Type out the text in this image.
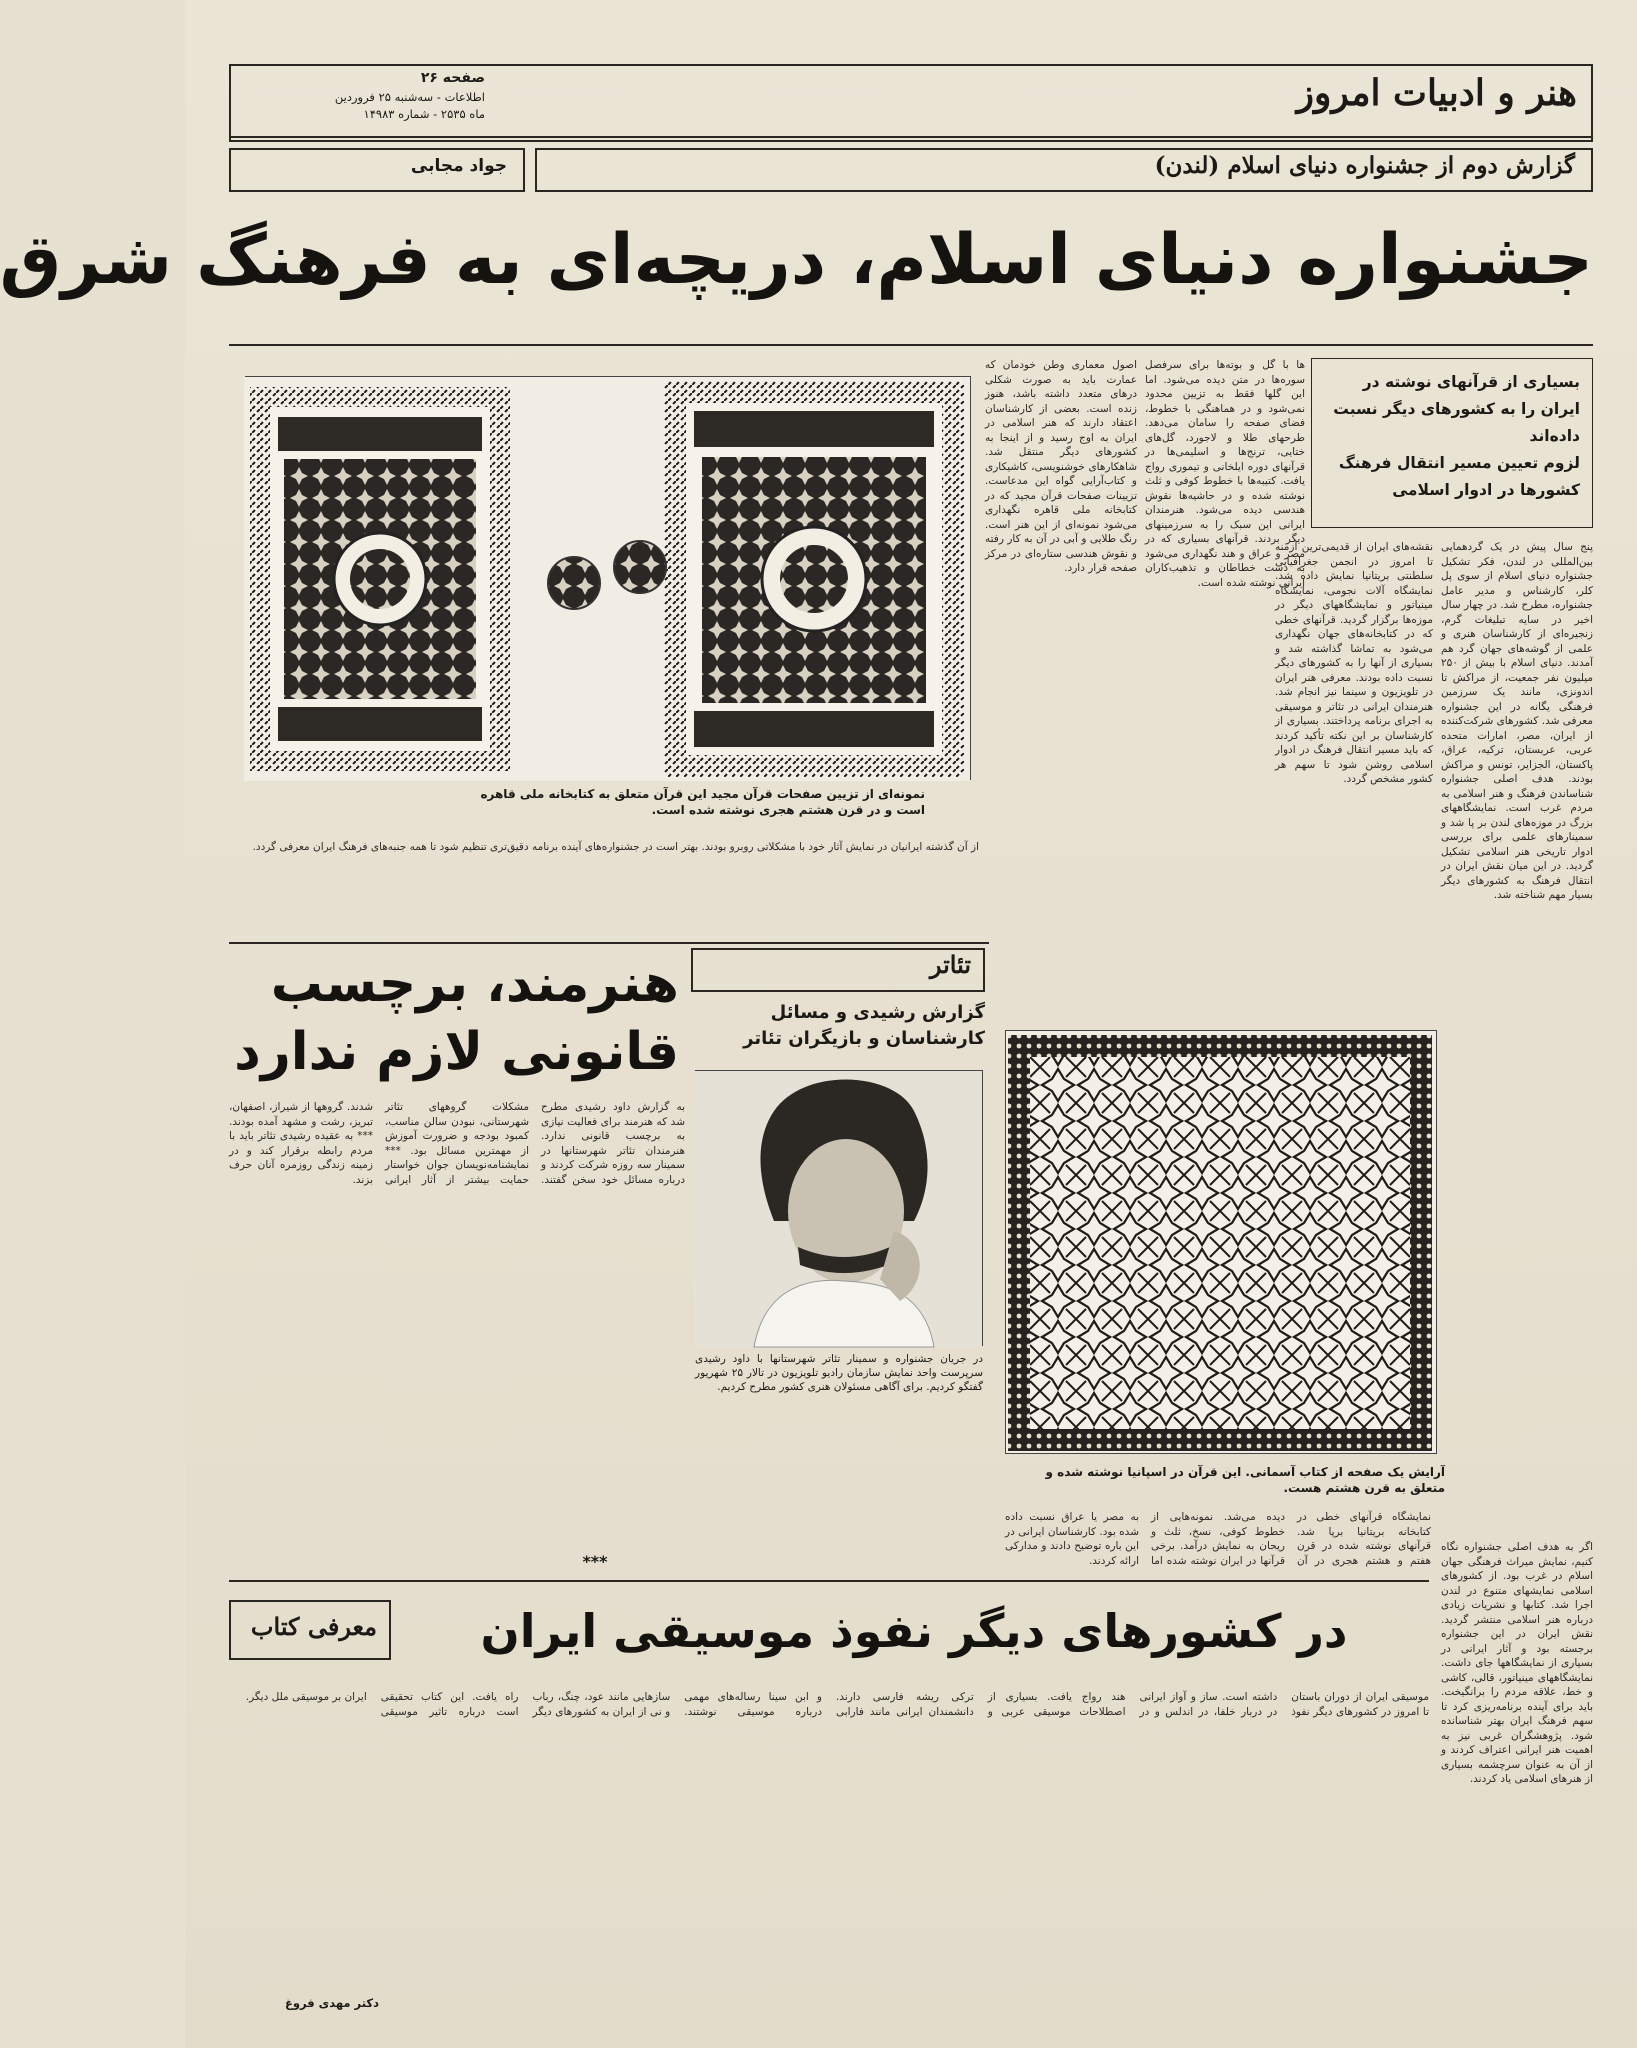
هنر و ادبیات امروز
صفحه ۲۶
اطلاعات - سه‌شنبه ۲۵ فروردین
ماه ۲۵۳۵ - شماره ۱۴۹۸۳
گزارش دوم از جشنواره دنیای اسلام (لندن)
جواد مجابی
جشنواره دنیای اسلام، دریچه‌ای به فرهنگ شرق
بسیاری از قرآنهای نوشته در
ایران را به کشورهای دیگر نسبت
داده‌اند
لزوم تعیین مسیر انتقال فرهنگ
کشورها در ادوار اسلامی
نمونه‌ای از تزیین صفحات قرآن مجید این قرآن متعلق به کتابخانه ملی قاهره است و در قرن هشتم هجری نوشته شده است.
پنج سال پیش در یک گردهمایی بین‌المللی در لندن، فکر تشکیل جشنواره دنیای اسلام از سوی پل کلر، کارشناس و مدیر عامل جشنواره، مطرح شد. در چهار سال اخیر در سایه تبلیغات گرم، زنجیره‌ای از کارشناسان هنری و علمی از گوشه‌های جهان گرد هم آمدند. دنیای اسلام با بیش از ۲۵۰ میلیون نفر جمعیت، از مراکش تا اندونزی، مانند یک سرزمین فرهنگی یگانه در این جشنواره معرفی شد. کشورهای شرکت‌کننده از ایران، مصر، امارات متحده عربی، عربستان، ترکیه، عراق، پاکستان، الجزایر، تونس و مراکش بودند. هدف اصلی جشنواره شناساندن فرهنگ و هنر اسلامی به مردم غرب است. نمایشگاههای بزرگ در موزه‌های لندن بر پا شد و سمینارهای علمی برای بررسی ادوار تاریخی هنر اسلامی تشکیل گردید. در این میان نقش ایران در انتقال فرهنگ به کشورهای دیگر بسیار مهم شناخته شد.
نقشه‌های ایران از قدیمی‌ترین ازمنه تا امروز در انجمن جغرافیایی سلطنتی بریتانیا نمایش داده شد. نمایشگاه آلات نجومی، نمایشگاه مینیاتور و نمایشگاههای دیگر در موزه‌ها برگزار گردید. قرآنهای خطی که در کتابخانه‌های جهان نگهداری می‌شود به تماشا گذاشته شد و بسیاری از آنها را به کشورهای دیگر نسبت داده بودند. معرفی هنر ایران در تلویزیون و سینما نیز انجام شد. هنرمندان ایرانی در تئاتر و موسیقی به اجرای برنامه پرداختند. بسیاری از کارشناسان بر این نکته تأکید کردند که باید مسیر انتقال فرهنگ در ادوار اسلامی روشن شود تا سهم هر کشور مشخص گردد.
ها با گل و بوته‌ها برای سرفصل سوره‌ها در متن دیده می‌شود. اما این گلها فقط به تزیین محدود نمی‌شود و در هماهنگی با خطوط، فضای صفحه را سامان می‌دهد. طرحهای طلا و لاجورد، گل‌های ختایی، ترنج‌ها و اسلیمی‌ها در قرآنهای دوره ایلخانی و تیموری رواج یافت. کتیبه‌ها با خطوط کوفی و ثلث نوشته شده و در حاشیه‌ها نقوش هندسی دیده می‌شود. هنرمندان ایرانی این سبک را به سرزمینهای دیگر بردند. قرآنهای بسیاری که در مصر و عراق و هند نگهداری می‌شود به دست خطاطان و تذهیب‌کاران ایرانی نوشته شده است.
اصول معماری وطن خودمان که عمارت باید به صورت شکلی درهای متعدد داشته باشد، هنوز زنده است. بعضی از کارشناسان اعتقاد دارند که هنر اسلامی در ایران به اوج رسید و از اینجا به کشورهای دیگر منتقل شد. شاهکارهای خوشنویسی، کاشیکاری و کتاب‌آرایی گواه این مدعاست. تزیینات صفحات قرآن مجید که در کتابخانه ملی قاهره نگهداری می‌شود نمونه‌ای از این هنر است. رنگ طلایی و آبی در آن به کار رفته و نقوش هندسی ستاره‌ای در مرکز صفحه قرار دارد.
از آن گذشته ایرانیان در نمایش آثار خود با مشکلاتی روبرو بودند. بهتر است در جشنواره‌های آینده برنامه دقیق‌تری تنظیم شود تا همه جنبه‌های فرهنگ ایران معرفی گردد.
اگر به هدف اصلی جشنواره نگاه کنیم، نمایش میراث فرهنگی جهان اسلام در غرب بود. از کشورهای اسلامی نمایشهای متنوع در لندن اجرا شد. کتابها و نشریات زیادی درباره هنر اسلامی منتشر گردید. نقش ایران در این جشنواره برجسته بود و آثار ایرانی در بسیاری از نمایشگاهها جای داشت. نمایشگاههای مینیاتور، قالی، کاشی و خط، علاقه مردم را برانگیخت. باید برای آینده برنامه‌ریزی کرد تا سهم فرهنگ ایران بهتر شناسانده شود. پژوهشگران غربی نیز به اهمیت هنر ایرانی اعتراف کردند و از آن به عنوان سرچشمه بسیاری از هنرهای اسلامی یاد کردند.
آرایش یک صفحه از کتاب آسمانی. این قرآن در اسپانیا نوشته شده و متعلق به قرن هشتم هست.
تئاتر
گزارش رشیدی و مسائل کارشناسان و بازیگران تئاتر
هنرمند، برچسب
قانونی لازم ندارد
در جریان جشنواره و سمینار تئاتر شهرستانها با داود رشیدی سرپرست واحد نمایش سازمان رادیو تلویزیون در تالار ۲۵ شهریور گفتگو کردیم. برای آگاهی مسئولان هنری کشور مطرح کردیم.
به گزارش داود رشیدی مطرح شد که هنرمند برای فعالیت نیازی به برچسب قانونی ندارد. هنرمندان تئاتر شهرستانها در سمینار سه روزه شرکت کردند و درباره مسائل خود سخن گفتند. مشکلات گروههای تئاتر شهرستانی، نبودن سالن مناسب، کمبود بودجه و ضرورت آموزش از مهمترین مسائل بود. *** نمایشنامه‌نویسان جوان خواستار حمایت بیشتر از آثار ایرانی شدند. گروهها از شیراز، اصفهان، تبریز، رشت و مشهد آمده بودند. *** به عقیده رشیدی تئاتر باید با مردم رابطه برقرار کند و در زمینه زندگی روزمره آنان حرف بزند.
***
نمایشگاه قرآنهای خطی در کتابخانه بریتانیا برپا شد. قرآنهای نوشته شده در قرن هفتم و هشتم هجری در آن دیده می‌شد. نمونه‌هایی از خطوط کوفی، نسخ، ثلث و ریحان به نمایش درآمد. برخی قرآنها در ایران نوشته شده اما به مصر یا عراق نسبت داده شده بود. کارشناسان ایرانی در این باره توضیح دادند و مدارکی ارائه کردند.
معرفی کتاب	در کشورهای دیگر نفوذ موسیقی ایران
موسیقی ایران از دوران باستان تا امروز در کشورهای دیگر نفوذ داشته است. ساز و آواز ایرانی در دربار خلفا، در اندلس و در هند رواج یافت. بسیاری از اصطلاحات موسیقی عربی و ترکی ریشه فارسی دارند. دانشمندان ایرانی مانند فارابی و ابن سینا رساله‌های مهمی درباره موسیقی نوشتند. سازهایی مانند عود، چنگ، رباب و نی از ایران به کشورهای دیگر راه یافت. این کتاب تحقیقی است درباره تاثیر موسیقی ایران بر موسیقی ملل دیگر.
دکتر مهدی فروغ
